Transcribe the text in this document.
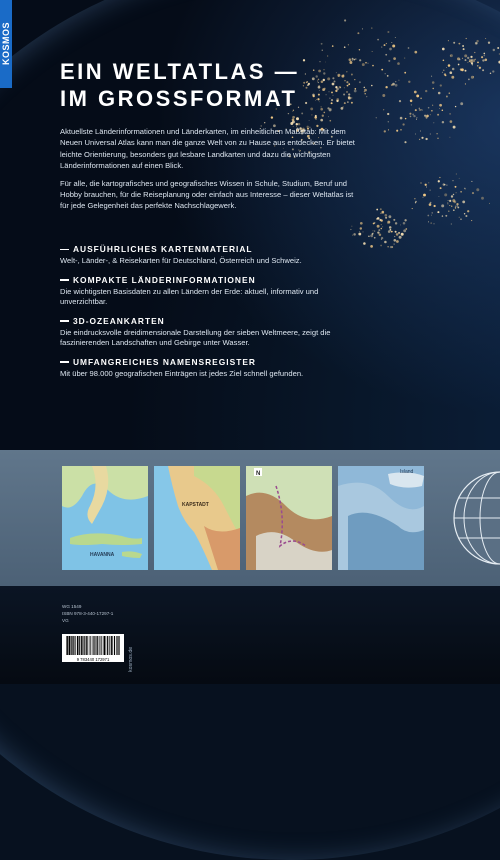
KOSMOS
EIN WELTATLAS —
IM GROSSFORMAT

Aktuellste Länderinformationen und Länderkarten, im einheitlichen Maßstab: Mit dem Neuen Universal Atlas kann man die ganze Welt von zu Hause aus entdecken. Er bietet leichte Orientierung, besonders gut lesbare Landkarten und dazu die wichtigsten Länderinformationen auf einen Blick.

Für alle, die kartografisches und geografisches Wissen in Schule, Studium, Beruf und Hobby brauchen, für die Reiseplanung oder einfach aus Interesse – dieser Weltatlas ist für jede Gelegenheit das perfekte Nachschlagewerk.

AUSFÜHRLICHES KARTENMATERIAL
Welt-, Länder-, & Reisekarten für Deutschland, Österreich und Schweiz.
KOMPAKTE LÄNDERINFORMATIONEN
Die wichtigsten Basisdaten zu allen Ländern der Erde: aktuell, informativ und unverzichtbar.
3D-OZEANKARTEN
Die eindrucksvolle dreidimensionale Darstellung der sieben Weltmeere, zeigt die faszinierenden Landschaften und Gebirge unter Wasser.
UMFANGREICHES NAMENSREGISTER
Mit über 98.000 geografischen Einträgen ist jedes Ziel schnell gefunden.
HAVANNA
KAPSTADT
N	Island
WG 1549
ISBN 978-3-440-17297-1
VG
9 783440 172971	kosmos.de
